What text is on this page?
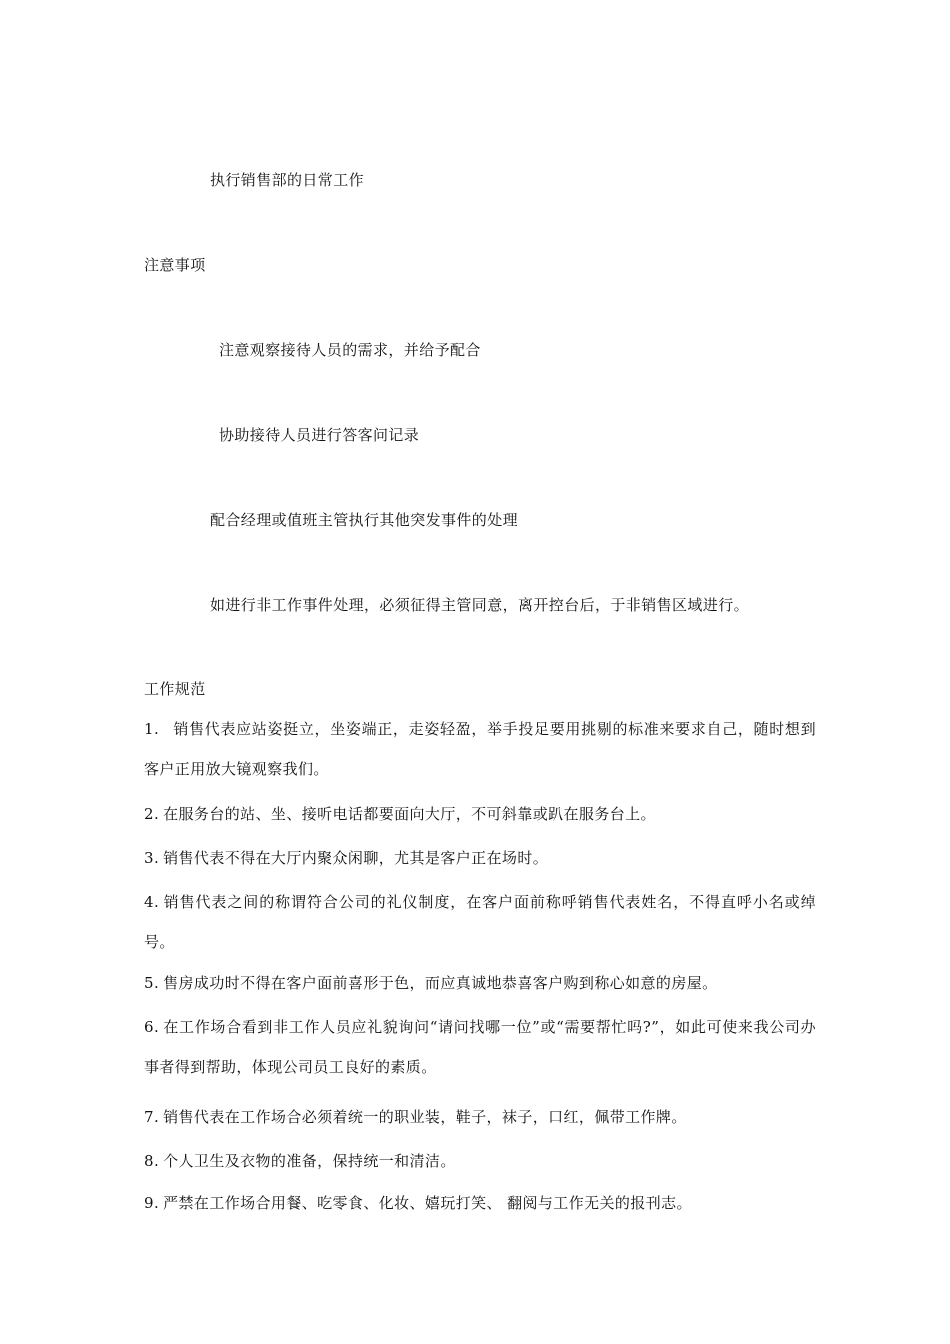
执行销售部的日常工作
注意事项
注意观察接待人员的需求，并给予配合
协助接待人员进行答客问记录
配合经理或值班主管执行其他突发事件的处理
如进行非工作事件处理，必须征得主管同意，离开控台后，于非销售区域进行。
工作规范
1. 销售代表应站姿挺立，坐姿端正，走姿轻盈，举手投足要用挑剔的标准来要求自己，随时想到客户正用放大镜观察我们。
2. 在服务台的站、坐、接听电话都要面向大厅，不可斜靠或趴在服务台上。
3. 销售代表不得在大厅内聚众闲聊，尤其是客户正在场时。
4. 销售代表之间的称谓符合公司的礼仪制度，在客户面前称呼销售代表姓名，不得直呼小名或绰号。
5. 售房成功时不得在客户面前喜形于色，而应真诚地恭喜客户购到称心如意的房屋。
6. 在工作场合看到非工作人员应礼貌询问“请问找哪一位”或“需要帮忙吗?”，如此可使来我公司办事者得到帮助，体现公司员工良好的素质。
7. 销售代表在工作场合必须着统一的职业装，鞋子，袜子，口红，佩带工作牌。
8. 个人卫生及衣物的准备，保持统一和清洁。
9. 严禁在工作场合用餐、吃零食、化妆、嬉玩打笑、 翻阅与工作无关的报刊志。
